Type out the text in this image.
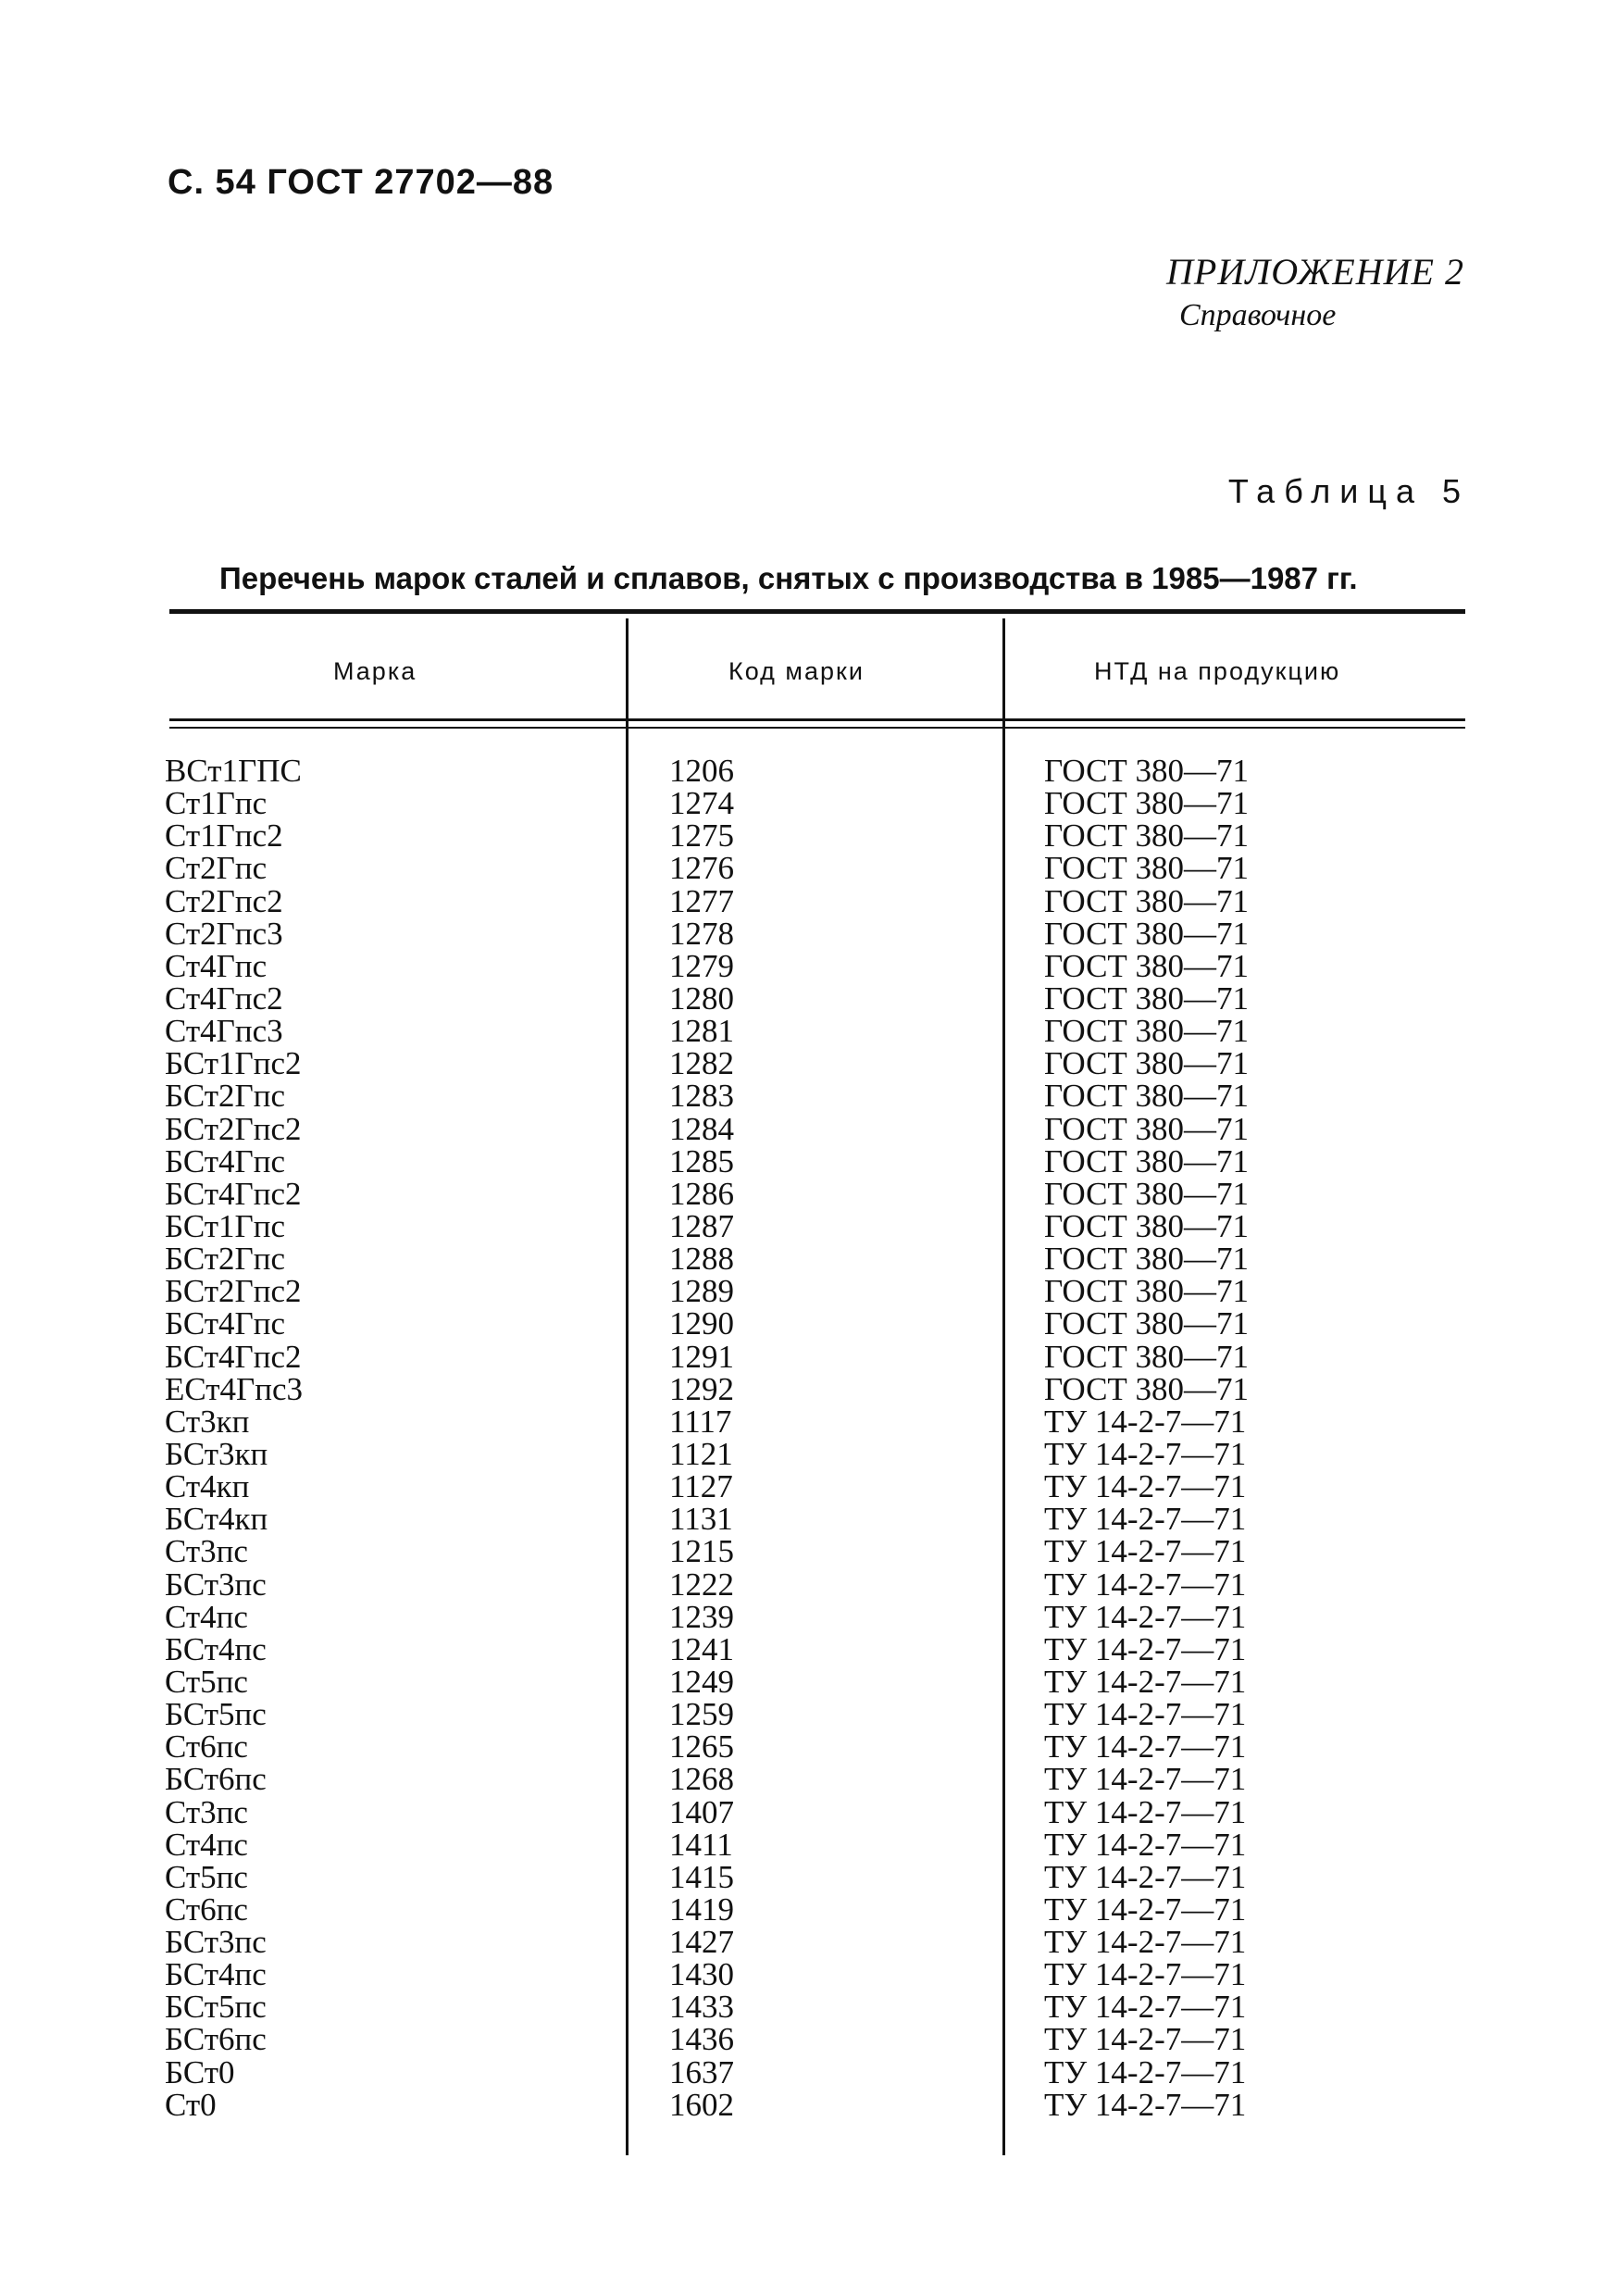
С. 54 ГОСТ 27702—88
ПРИЛОЖЕНИЕ 2
Справочное
Таблица 5
Перечень марок сталей и сплавов, снятых с производства в 1985—1987 гг.
Марка	Код марки	НТД на продукцию
ВСт1ГПС	1206	ГОСТ 380—71
Ст1Гпс	1274	ГОСТ 380—71
Ст1Гпс2	1275	ГОСТ 380—71
Ст2Гпс	1276	ГОСТ 380—71
Ст2Гпс2	1277	ГОСТ 380—71
Ст2Гпс3	1278	ГОСТ 380—71
Ст4Гпс	1279	ГОСТ 380—71
Ст4Гпс2	1280	ГОСТ 380—71
Ст4Гпс3	1281	ГОСТ 380—71
БСт1Гпс2	1282	ГОСТ 380—71
БСт2Гпс	1283	ГОСТ 380—71
БСт2Гпс2	1284	ГОСТ 380—71
БСт4Гпс	1285	ГОСТ 380—71
БСт4Гпс2	1286	ГОСТ 380—71
БСт1Гпс	1287	ГОСТ 380—71
БСт2Гпс	1288	ГОСТ 380—71
БСт2Гпс2	1289	ГОСТ 380—71
БСт4Гпс	1290	ГОСТ 380—71
БСт4Гпс2	1291	ГОСТ 380—71
ЕСт4Гпс3	1292	ГОСТ 380—71
Ст3кп	1117	ТУ 14-2-7—71
БСт3кп	1121	ТУ 14-2-7—71
Ст4кп	1127	ТУ 14-2-7—71
БСт4кп	1131	ТУ 14-2-7—71
Ст3пс	1215	ТУ 14-2-7—71
БСт3пс	1222	ТУ 14-2-7—71
Ст4пс	1239	ТУ 14-2-7—71
БСт4пс	1241	ТУ 14-2-7—71
Ст5пс	1249	ТУ 14-2-7—71
БСт5пс	1259	ТУ 14-2-7—71
Ст6пс	1265	ТУ 14-2-7—71
БСт6пс	1268	ТУ 14-2-7—71
Ст3пс	1407	ТУ 14-2-7—71
Ст4пс	1411	ТУ 14-2-7—71
Ст5пс	1415	ТУ 14-2-7—71
Ст6пс	1419	ТУ 14-2-7—71
БСт3пс	1427	ТУ 14-2-7—71
БСт4пс	1430	ТУ 14-2-7—71
БСт5пс	1433	ТУ 14-2-7—71
БСт6пс	1436	ТУ 14-2-7—71
БСт0	1637	ТУ 14-2-7—71
Ст0	1602	ТУ 14-2-7—71
